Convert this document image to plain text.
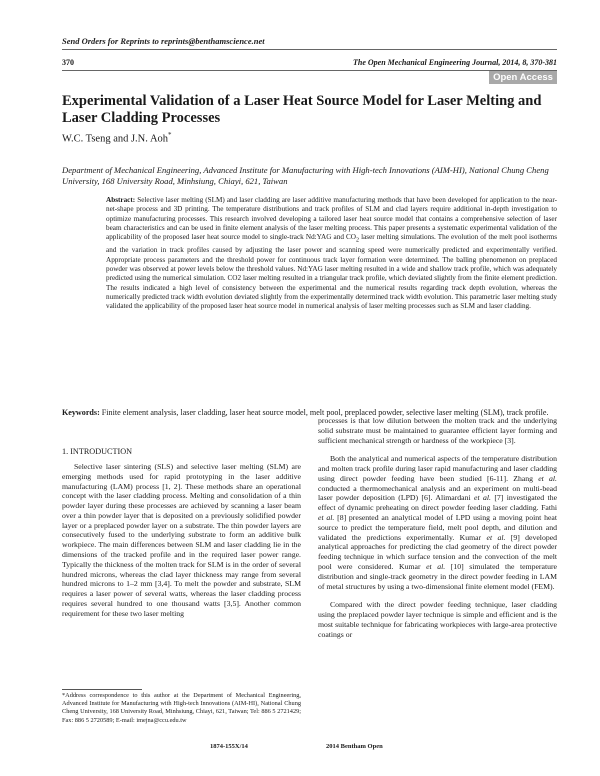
Send Orders for Reprints to reprints@benthamscience.net
370	The Open Mechanical Engineering Journal, 2014, 8, 370-381
Open Access
Experimental Validation of a Laser Heat Source Model for Laser Melting and Laser Cladding Processes
W.C. Tseng and J.N. Aoh*
Department of Mechanical Engineering, Advanced Institute for Manufacturing with High-tech Innovations (AIM-HI), National Chung Cheng University, 168 University Road, Minhsiung, Chiayi, 621, Taiwan
Abstract: Selective laser melting (SLM) and laser cladding are laser additive manufacturing methods that have been developed for application to the near-net-shape process and 3D printing. The temperature distributions and track profiles of SLM and clad layers require additional in-depth investigation to optimize manufacturing processes. This research involved developing a tailored laser heat source model that contains a comprehensive selection of laser beam characteristics and can be used in finite element analysis of the laser melting process. This paper presents a systematic experimental validation of the applicability of the proposed laser heat source model to single-track Nd:YAG and $CO_2$ laser melting simulations. The evolution of the melt pool isotherms and the variation in track profiles caused by adjusting the laser power and scanning speed were numerically predicted and experimentally verified. Appropriate process parameters and the threshold power for continuous track layer formation were determined. The balling phenomenon on preplaced powder was observed at power levels below the threshold values. Nd:YAG laser melting resulted in a wide and shallow track profile, which was adequately predicted using the numerical simulation. CO2 laser melting resulted in a triangular track profile, which deviated slightly from the finite element prediction. The results indicated a high level of consistency between the experimental and the numerical results regarding track depth evolution, whereas the numerically predicted track width evolution deviated slightly from the experimentally determined track width evolution. This parametric laser melting study validated the applicability of the proposed laser heat source model in numerical analysis of laser melting processes such as SLM and laser cladding.
Keywords: Finite element analysis, laser cladding, laser heat source model, melt pool, preplaced powder, selective laser melting (SLM), track profile.
1. INTRODUCTION

Selective laser sintering (SLS) and selective laser melting (SLM) are emerging methods used for rapid prototyping in the laser additive manufacturing (LAM) process [1, 2]. These methods share an operational concept with the laser cladding process. Melting and consolidation of a thin powder layer during these processes are achieved by scanning a laser beam over a thin powder layer that is deposited on a previously solidified powder layer or a preplaced powder layer on a substrate. The thin powder layers are consecutively fused to the underlying substrate to form an additive bulk workpiece. The main differences between SLM and laser cladding lie in the dimensions of the tracked profile and in the required laser power range. Typically the thickness of the molten track for SLM is in the order of several hundred microns, whereas the clad layer thickness may range from several hundred microns to 1–2 mm [3,4]. To melt the powder and substrate, SLM requires a laser power of several watts, whereas the laser cladding process requires several hundred to one thousand watts [3,5]. Another common requirement for these two laser melting

processes is that low dilution between the molten track and the underlying solid substrate must be maintained to guarantee efficient layer forming and sufficient mechanical strength or hardness of the workpiece [3].

Both the analytical and numerical aspects of the temperature distribution and molten track profile during laser rapid manufacturing and laser cladding using direct powder feeding have been studied [6-11]. Zhang et al. conducted a thermomechanical analysis and an experiment on multi-bead laser powder deposition (LPD) [6]. Alimardani et al. [7] investigated the effect of dynamic preheating on direct powder feeding laser cladding. Fathi et al. [8] presented an analytical model of LPD using a moving point heat source to predict the temperature field, melt pool depth, and dilution and validated the predictions experimentally. Kumar et al. [9] developed analytical approaches for predicting the clad geometry of the direct powder feeding technique in which surface tension and the convection of the melt pool were considered. Kumar et al. [10] simulated the temperature distribution and single-track geometry in the direct powder feeding in LAM of metal structures by using a two-dimensional finite element model (FEM).

Compared with the direct powder feeding technique, laser cladding using the preplaced powder layer technique is simple and efficient and is the most suitable technique for fabricating workpieces with large-area protective coatings or

*Address correspondence to this author at the Department of Mechanical Engineering, Advanced Institute for Manufacturing with High-tech Innovations (AIM-HI), National Chung Cheng University, 168 University Road, Minhsiung, Chiayi, 621, Taiwan; Tel: 886 5 2721429; Fax: 886 5 2720589; E-mail: imejna@ccu.edu.tw
1874-155X/14	2014 Bentham Open
